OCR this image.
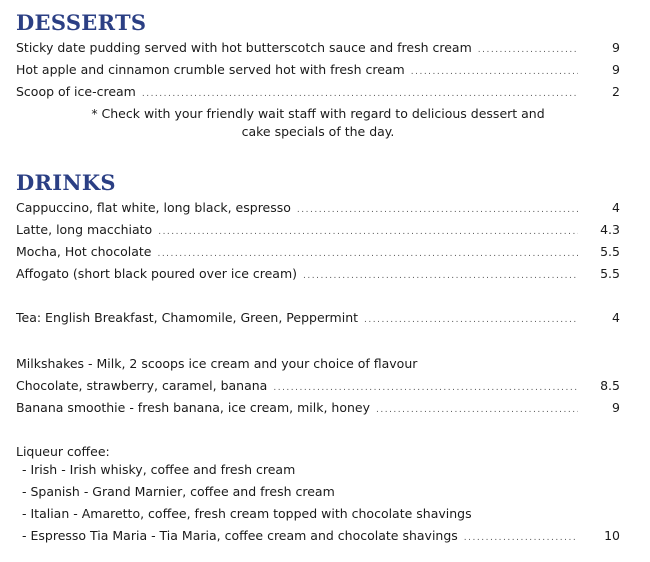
DESSERTS
Sticky date pudding served with hot butterscotch sauce and fresh cream .....	9
Hot apple and cinnamon crumble served hot with fresh cream .....	9
Scoop of ice-cream .....	2
* Check with your friendly wait staff with regard to delicious dessert and
cake specials of the day.
DRINKS
Cappuccino, flat white, long black, espresso .....	4
Latte, long macchiato .....	4.3
Mocha, Hot chocolate .....	5.5
Affogato (short black poured over ice cream) .....	5.5
Tea: English Breakfast, Chamomile, Green, Peppermint .....	4
Milkshakes - Milk, 2 scoops ice cream and your choice of flavour
Chocolate, strawberry, caramel, banana .....	8.5
Banana smoothie - fresh banana, ice cream, milk, honey .....	9
Liqueur coffee:
- Irish - Irish whisky, coffee and fresh cream
- Spanish - Grand Marnier, coffee and fresh cream
- Italian - Amaretto, coffee, fresh cream topped with chocolate shavings
- Espresso Tia Maria - Tia Maria, coffee cream and chocolate shavings .....	10
